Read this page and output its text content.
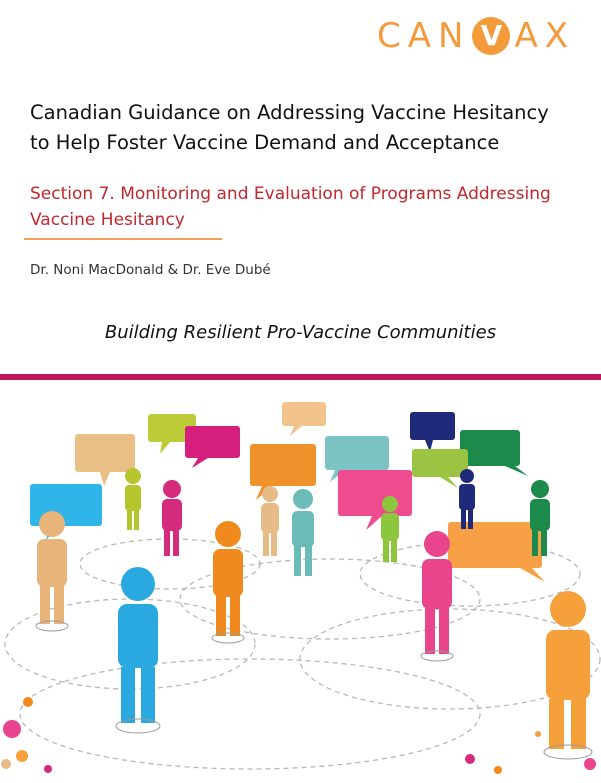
CAN V AX
Canadian Guidance on Addressing Vaccine Hesitancy
to Help Foster Vaccine Demand and Acceptance
Section 7. Monitoring and Evaluation of Programs Addressing
Vaccine Hesitancy
Dr. Noni MacDonald & Dr. Eve Dubé
Building Resilient Pro-Vaccine Communities
